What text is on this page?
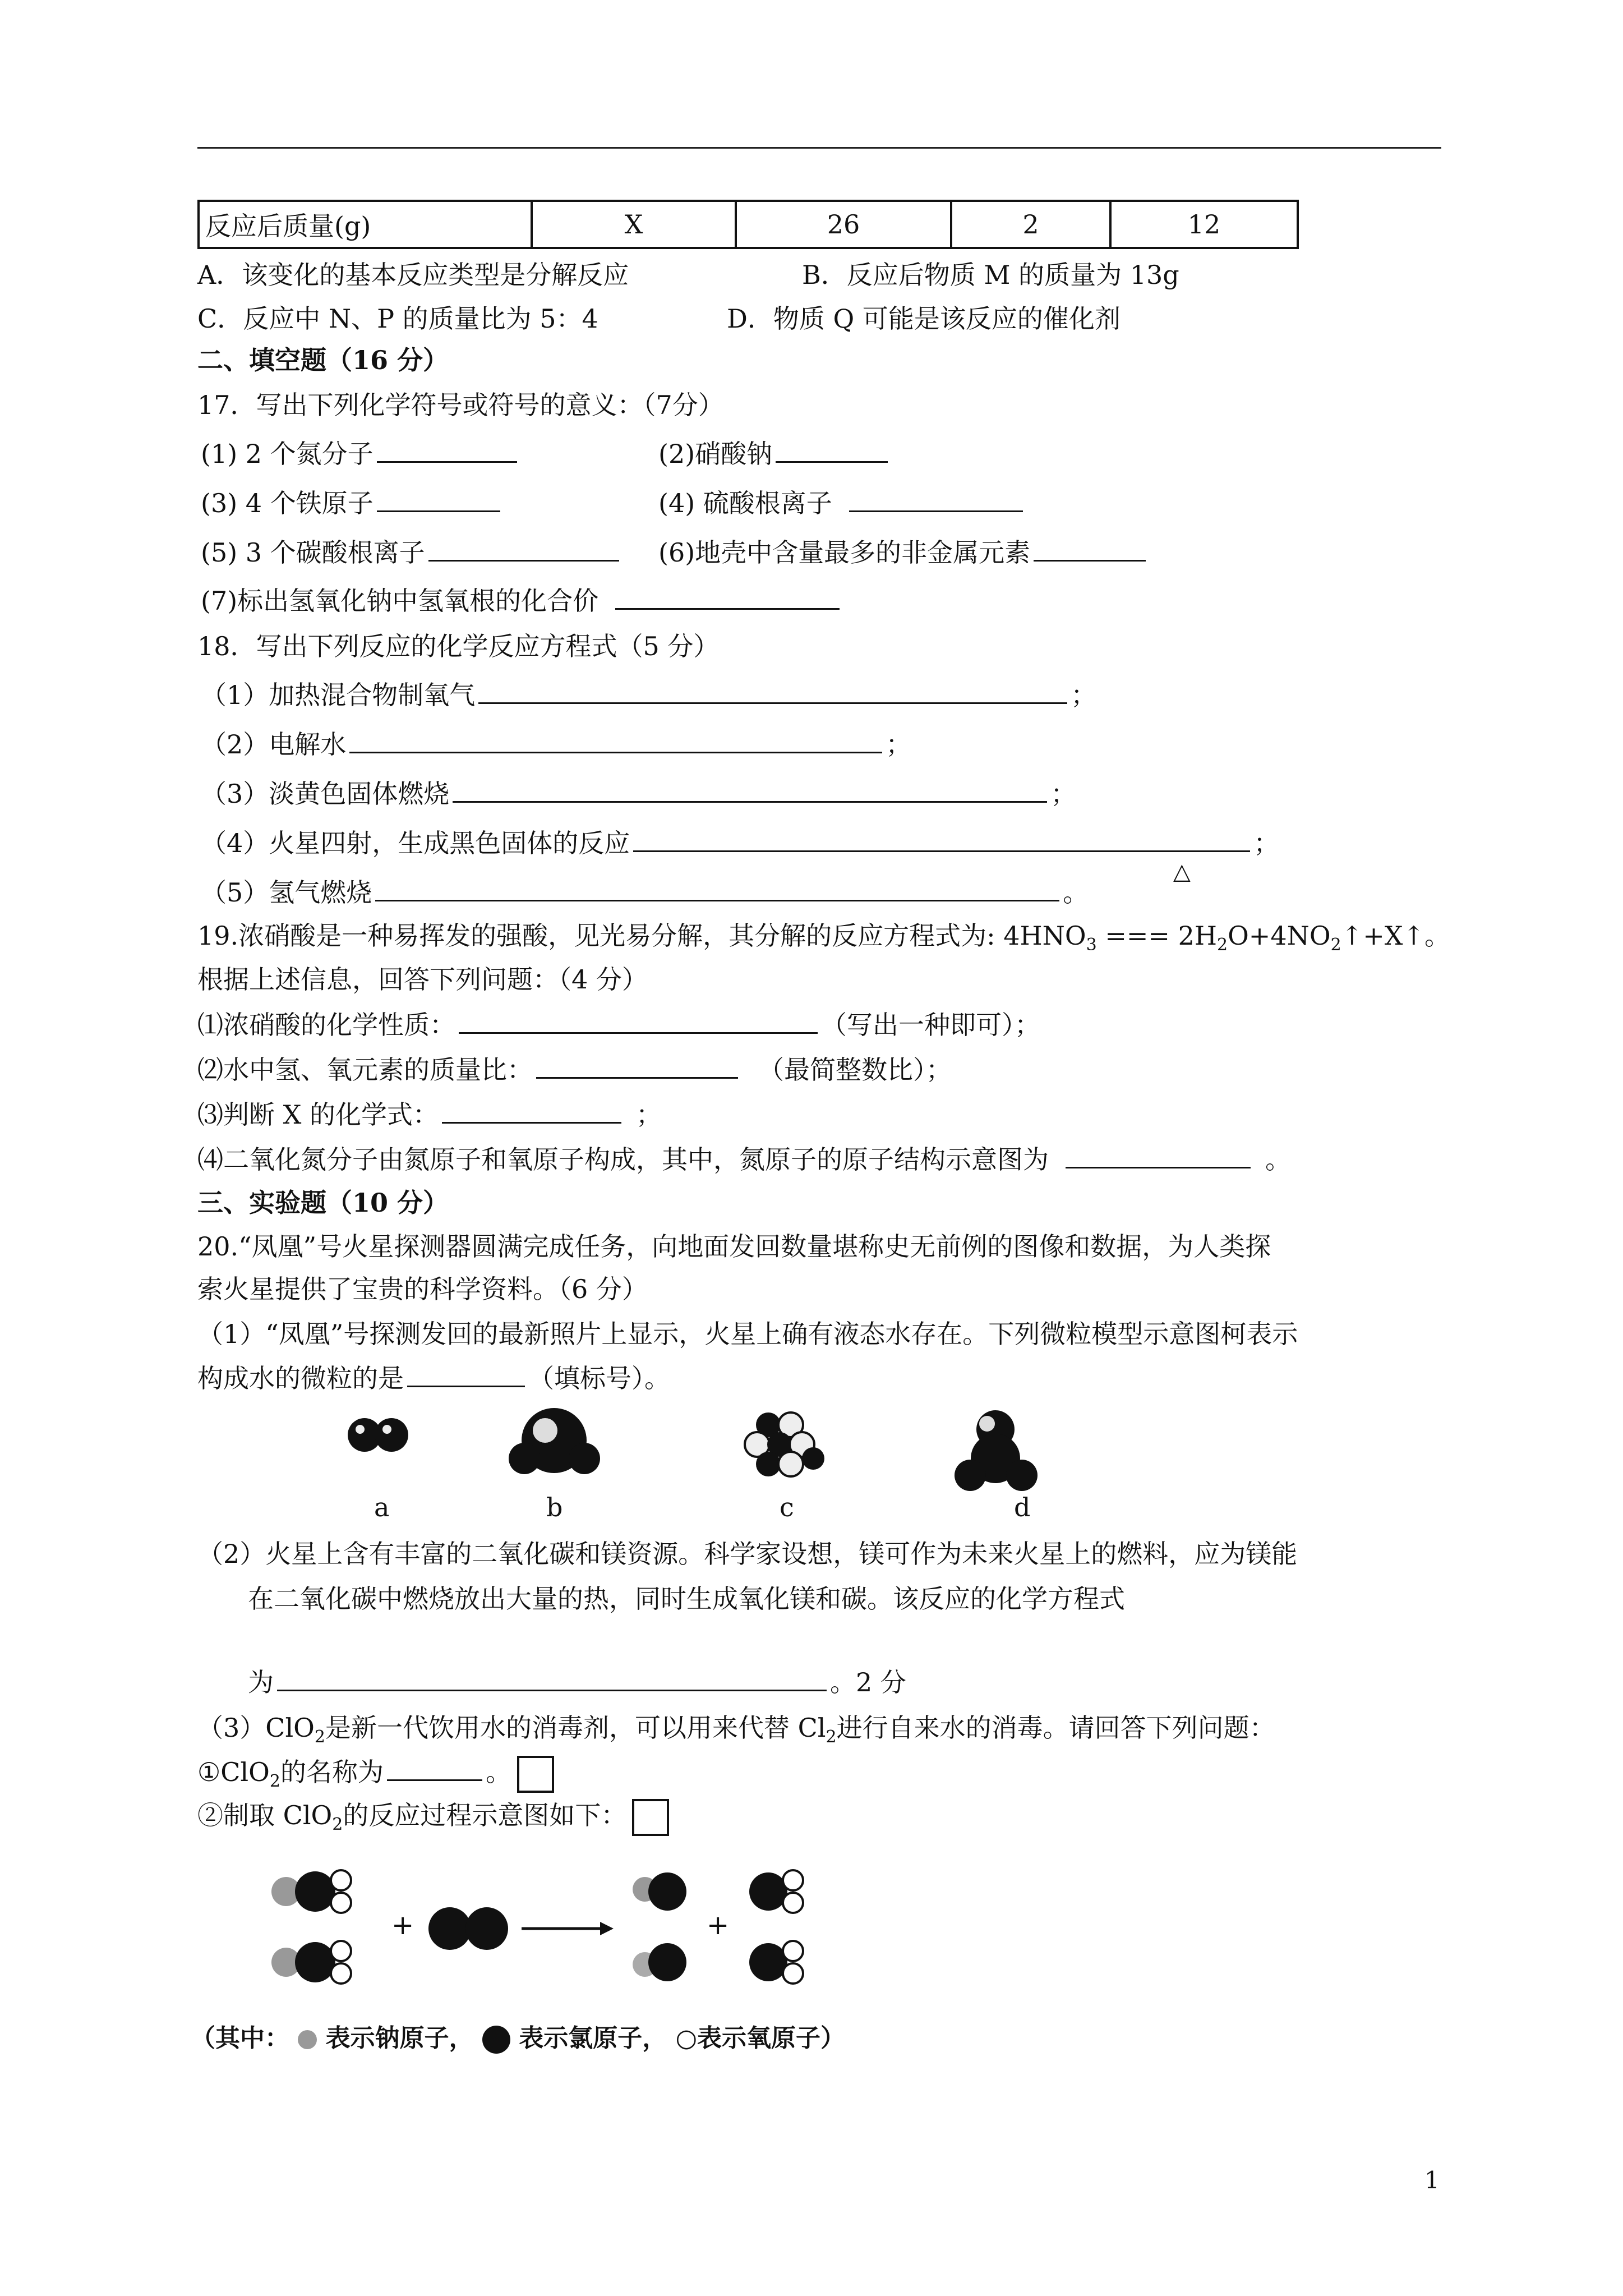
反应后质量(g)	X	26	2	12
A．该变化的基本反应类型是分解反应	B．反应后物质 M 的质量为 13g
C．反应中 N、P 的质量比为 5：4	D．物质 Q 可能是该反应的催化剂
二、填空题（16 分）
17．写出下列化学符号或符号的意义：（7分）
(1) 2 个氮分子	(2)硝酸钠
(3) 4 个铁原子	(4) 硫酸根离子
(5) 3 个碳酸根离子	(6)地壳中含量最多的非金属元素
(7)标出氢氧化钠中氢氧根的化合价
18．写出下列反应的化学反应方程式（5 分）
（1）加热混合物制氧气	；
（2）电解水	；
（3）淡黄色固体燃烧	；
（4）火星四射，生成黑色固体的反应	；
（5）氢气燃烧	。
△
19.浓硝酸是一种易挥发的强酸，见光易分解，其分解的反应方程式为: $4HNO_3$ === $2H_2O+4NO_2↑+X↑$。
根据上述信息，回答下列问题：（4 分）
⑴浓硝酸的化学性质：	（写出一种即可）；
⑵水中氢、氧元素的质量比：	（最简整数比）；
⑶判断 X 的化学式：	；
⑷二氧化氮分子由氮原子和氧原子构成，其中，氮原子的原子结构示意图为	。
三、实验题（10 分）
20.“凤凰”号火星探测器圆满完成任务，向地面发回数量堪称史无前例的图像和数据，为人类探
索火星提供了宝贵的科学资料。（6 分）
（1）“凤凰”号探测发回的最新照片上显示，火星上确有液态水存在。下列微粒模型示意图柯表示
构成水的微粒的是	（填标号）。
a	b	c	d
（2）火星上含有丰富的二氧化碳和镁资源。科学家设想，镁可作为未来火星上的燃料，应为镁能
在二氧化碳中燃烧放出大量的热，同时生成氧化镁和碳。该反应的化学方程式
为	。2 分
（3）ClO$_2$是新一代饮用水的消毒剂，可以用来代替 $Cl_2$进行自来水的消毒。请回答下列问题：
①ClO$_2$的名称为	。
②制取 ClO$_2$的反应过程示意图如下：
+	+
（其中： 表示钠原子， 表示氯原子， ○表示氧原子）
1
